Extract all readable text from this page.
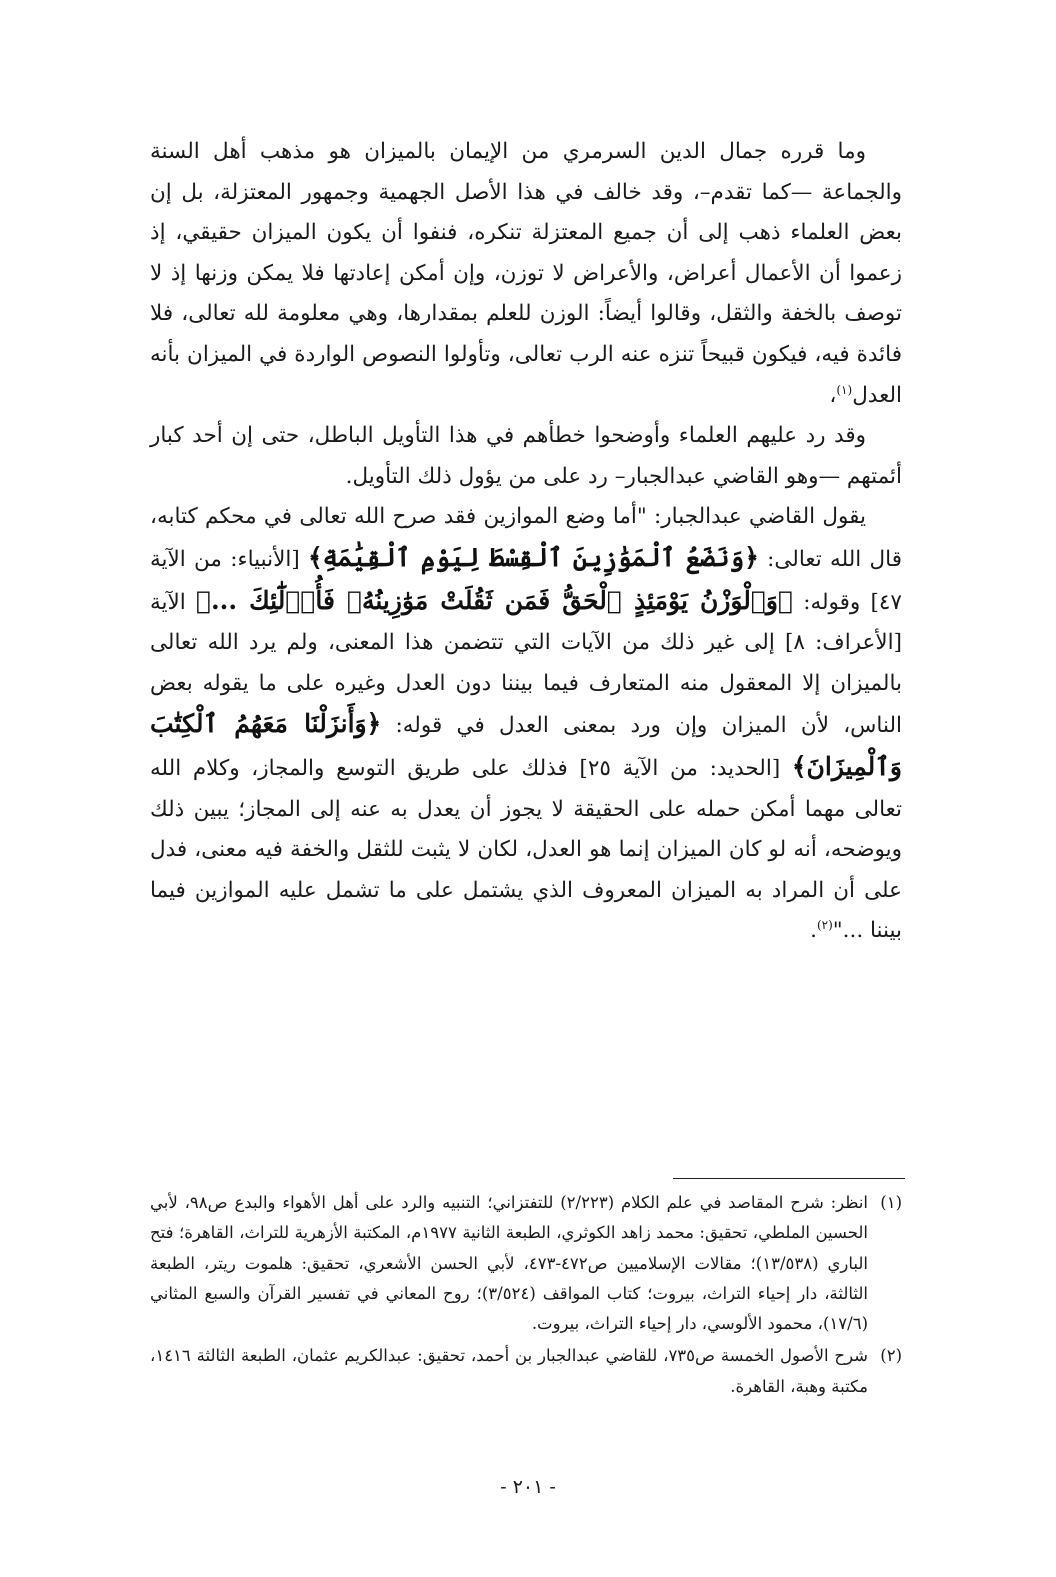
وما قرره جمال الدين السرمري من الإيمان بالميزان هو مذهب أهل السنة والجماعة —كما تقدم–، وقد خالف في هذا الأصل الجهمية وجمهور المعتزلة، بل إن بعض العلماء ذهب إلى أن جميع المعتزلة تنكره، فنفوا أن يكون الميزان حقيقي، إذ زعموا أن الأعمال أعراض، والأعراض لا توزن، وإن أمكن إعادتها فلا يمكن وزنها إذ لا توصف بالخفة والثقل، وقالوا أيضاً: الوزن للعلم بمقدارها، وهي معلومة لله تعالى، فلا فائدة فيه، فيكون قبيحاً تنزه عنه الرب تعالى، وتأولوا النصوص الواردة في الميزان بأنه العدل$^{(١)}$،

وقد رد عليهم العلماء وأوضحوا خطأهم في هذا التأويل الباطل، حتى إن أحد كبار أئمتهم —وهو القاضي عبدالجبار– رد على من يؤول ذلك التأويل.

يقول القاضي عبدالجبار: "أما وضع الموازين فقد صرح الله تعالى في محكم كتابه، قال الله تعالى: ﴿وَنَضَعُ ٱلْمَوَٰزِينَ ٱلْقِسْطَ لِيَوْمِ ٱلْقِيَٰمَةِ﴾ [الأنبياء: من الآية ٤٧] وقوله: ﴿وَٱلْوَزْنُ يَوْمَئِذٍ ٱلْحَقُّ فَمَن ثَقُلَتْ مَوَٰزِينُهُۥ فَأُو۟لَٰٓئِكَ ...﴾ الآية [الأعراف: ٨] إلى غير ذلك من الآيات التي تتضمن هذا المعنى، ولم يرد الله تعالى بالميزان إلا المعقول منه المتعارف فيما بيننا دون العدل وغيره على ما يقوله بعض الناس، لأن الميزان وإن ورد بمعنى العدل في قوله: ﴿وَأَنزَلْنَا مَعَهُمُ ٱلْكِتَٰبَ وَٱلْمِيزَانَ﴾ [الحديد: من الآية ٢٥] فذلك على طريق التوسع والمجاز، وكلام الله تعالى مهما أمكن حمله على الحقيقة لا يجوز أن يعدل به عنه إلى المجاز؛ يبين ذلك ويوضحه، أنه لو كان الميزان إنما هو العدل، لكان لا يثبت للثقل والخفة فيه معنى، فدل على أن المراد به الميزان المعروف الذي يشتمل على ما تشمل عليه الموازين فيما بيننا ..."$^{(٢)}$.

(١)
انظر: شرح المقاصد في علم الكلام (٢/٢٢٣) للتفتزاني؛ التنبيه والرد على أهل الأهواء والبدع ص٩٨، لأبي الحسين الملطي، تحقيق: محمد زاهد الكوثري، الطبعة الثانية ١٩٧٧م، المكتبة الأزهرية للتراث، القاهرة؛ فتح الباري (١٣/٥٣٨)؛ مقالات الإسلاميين ص٤٧٢-٤٧٣، لأبي الحسن الأشعري، تحقيق: هلموت ريتر، الطبعة الثالثة، دار إحياء التراث، بيروت؛ كتاب المواقف (٣/٥٢٤)؛ روح المعاني في تفسير القرآن والسبع المثاني (١٧/٦)، محمود الألوسي، دار إحياء التراث، بيروت.

(٢)
شرح الأصول الخمسة ص٧٣٥، للقاضي عبدالجبار بن أحمد، تحقيق: عبدالكريم عثمان، الطبعة الثالثة ١٤١٦، مكتبة وهبة، القاهرة.

- ٢٠١ -
